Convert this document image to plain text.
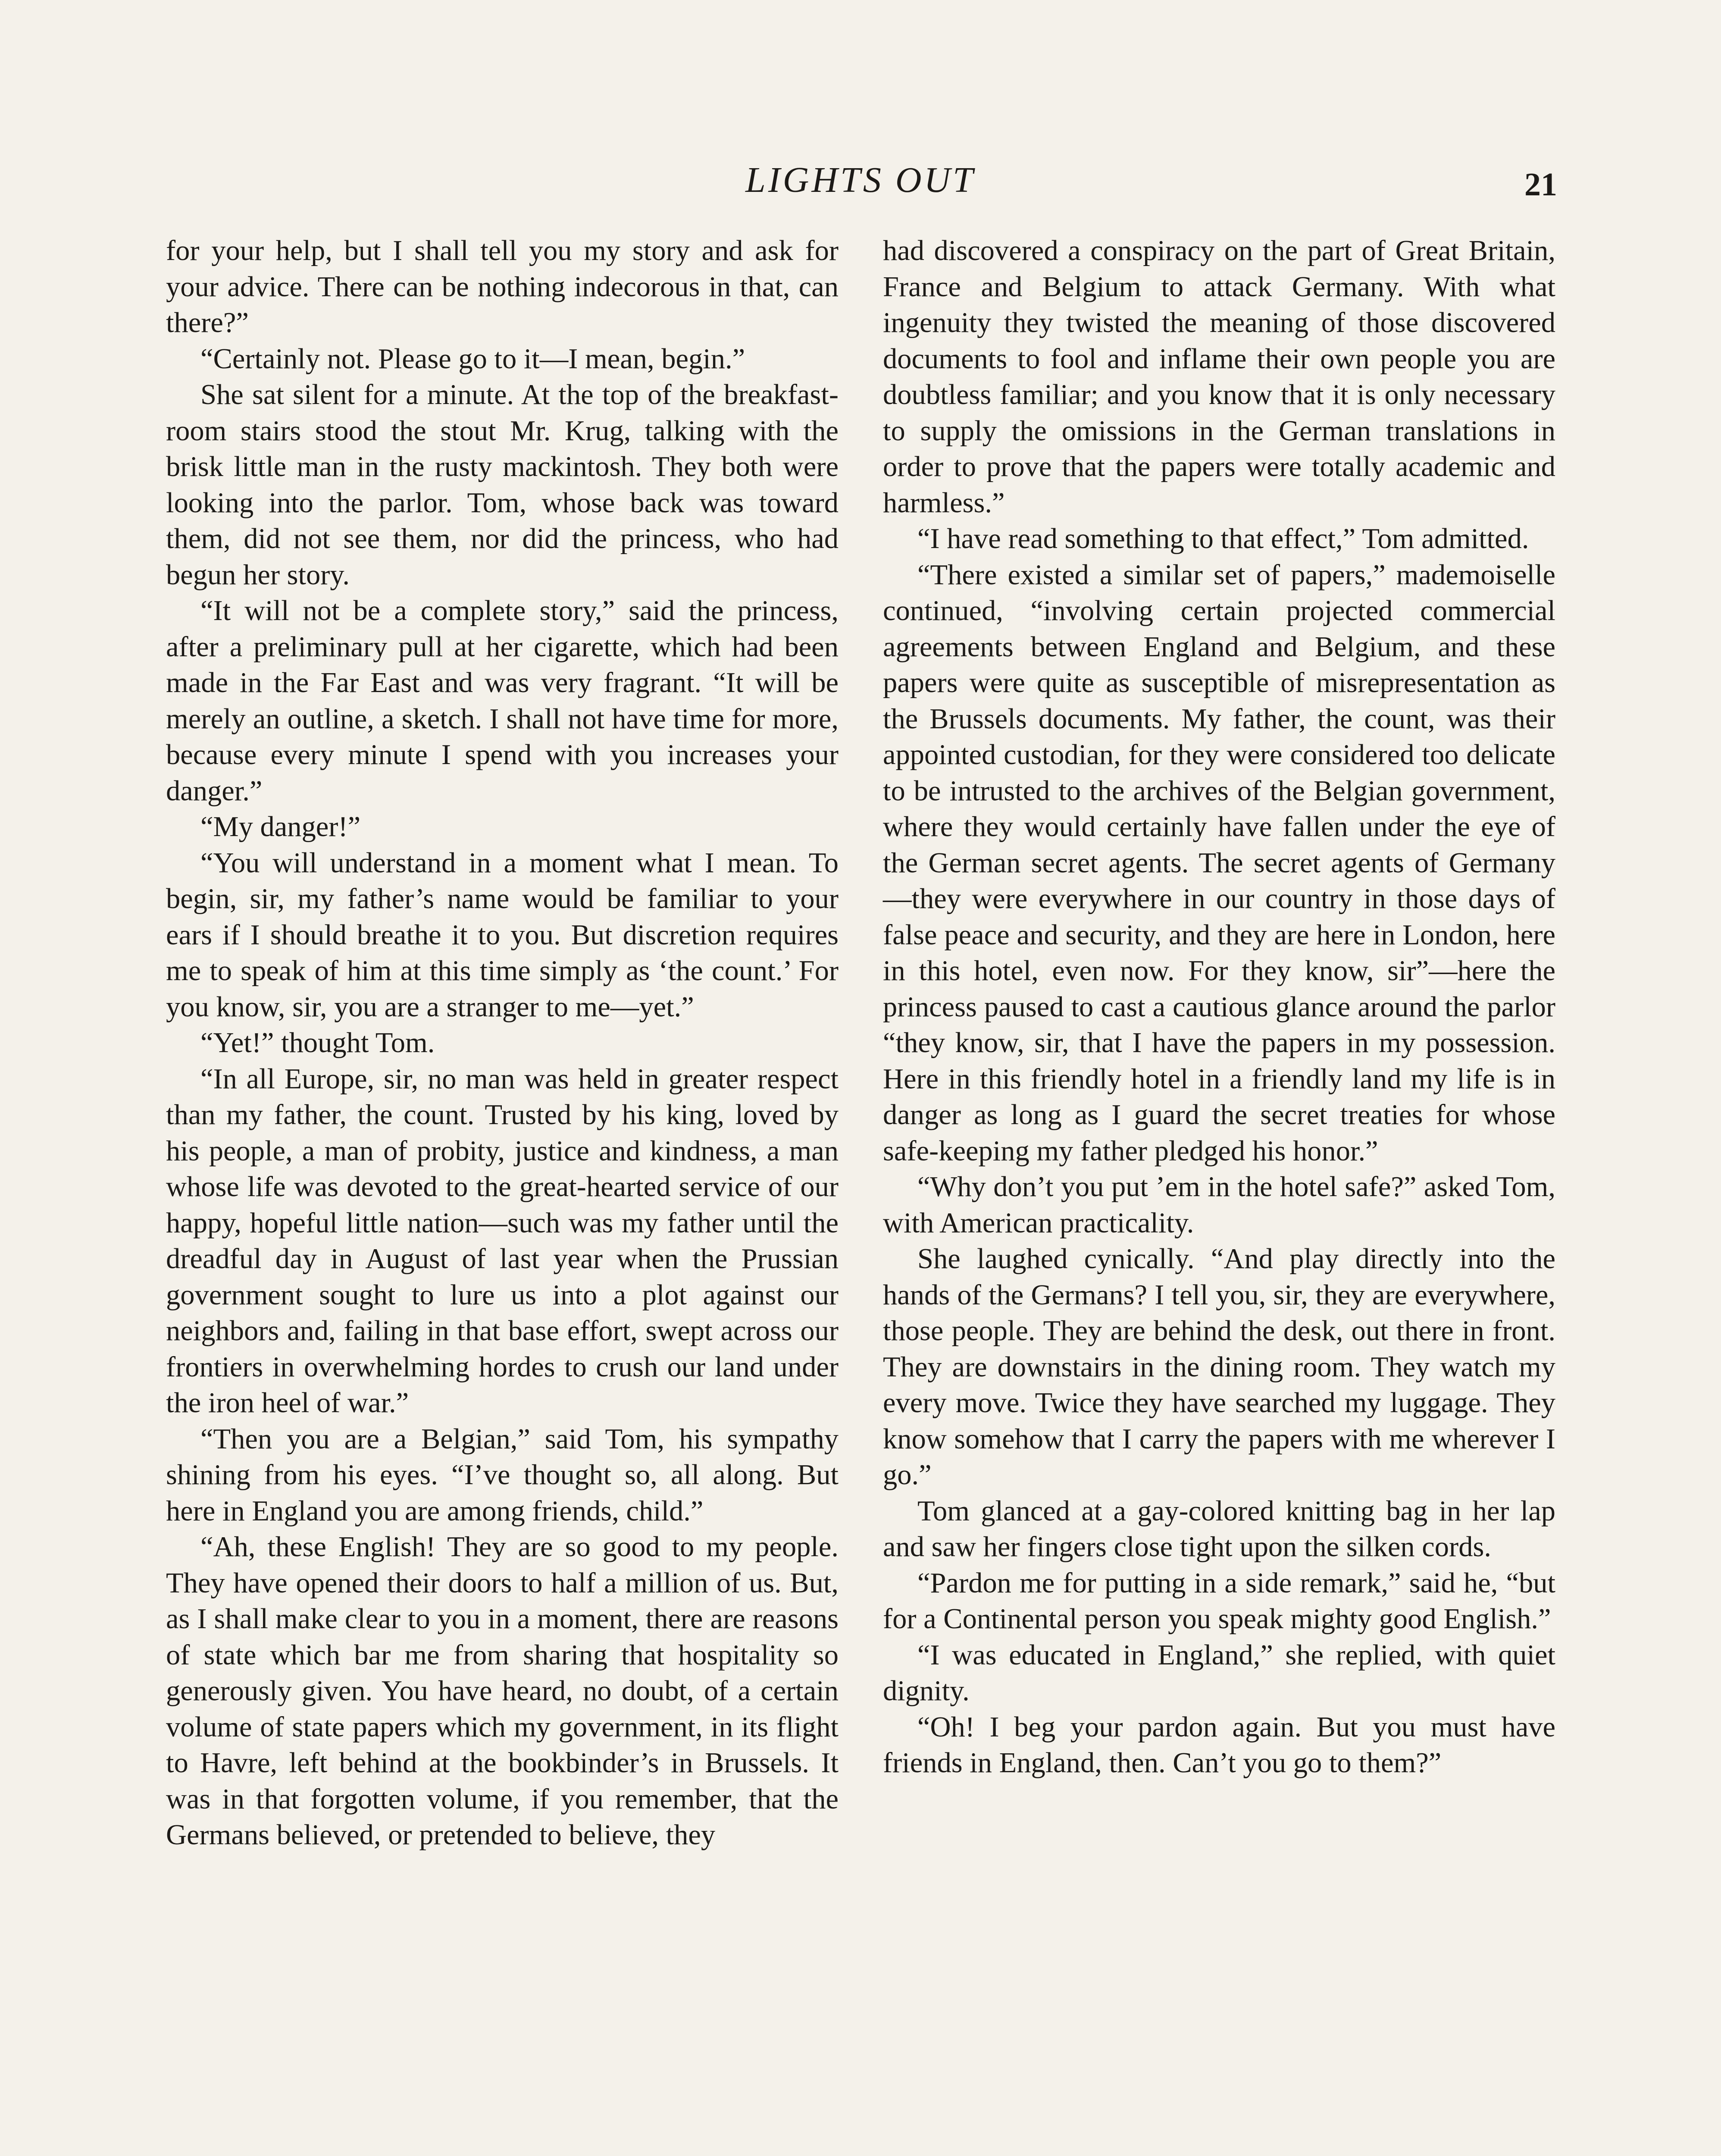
LIGHTS OUT	21

for your help, but I shall tell you my story and ask for your advice. There can be nothing indecorous in that, can there?”

“Certainly not. Please go to it—I mean, begin.”

She sat silent for a minute. At the top of the breakfast-room stairs stood the stout Mr. Krug, talking with the brisk little man in the rusty mackintosh. They both were looking into the parlor. Tom, whose back was toward them, did not see them, nor did the princess, who had begun her story.

“It will not be a complete story,” said the princess, after a preliminary pull at her cigarette, which had been made in the Far East and was very fragrant. “It will be merely an outline, a sketch. I shall not have time for more, because every minute I spend with you increases your danger.”

“My danger!”

“You will understand in a moment what I mean. To begin, sir, my father’s name would be familiar to your ears if I should breathe it to you. But discretion requires me to speak of him at this time simply as ‘the count.’ For you know, sir, you are a stranger to me—yet.”

“Yet!” thought Tom.

“In all Europe, sir, no man was held in greater respect than my father, the count. Trusted by his king, loved by his people, a man of probity, justice and kindness, a man whose life was devoted to the great-hearted service of our happy, hopeful little nation—such was my father until the dreadful day in August of last year when the Prussian government sought to lure us into a plot against our neighbors and, failing in that base effort, swept across our frontiers in overwhelming hordes to crush our land under the iron heel of war.”

“Then you are a Belgian,” said Tom, his sympathy shining from his eyes. “I’ve thought so, all along. But here in England you are among friends, child.”

“Ah, these English! They are so good to my people. They have opened their doors to half a million of us. But, as I shall make clear to you in a moment, there are reasons of state which bar me from sharing that hospitality so generously given. You have heard, no doubt, of a certain volume of state papers which my government, in its flight to Havre, left behind at the bookbinder’s in Brussels. It was in that forgotten volume, if you remember, that the Germans believed, or pretended to believe, they

had discovered a conspiracy on the part of Great Britain, France and Belgium to attack Germany. With what ingenuity they twisted the meaning of those discovered documents to fool and inflame their own people you are doubtless familiar; and you know that it is only necessary to supply the omissions in the German translations in order to prove that the papers were totally academic and harmless.”

“I have read something to that effect,” Tom admitted.

“There existed a similar set of papers,” mademoiselle continued, “involving certain projected commercial agreements between England and Belgium, and these papers were quite as susceptible of misrepresentation as the Brussels documents. My father, the count, was their appointed custodian, for they were considered too delicate to be intrusted to the archives of the Belgian government, where they would certainly have fallen under the eye of the German secret agents. The secret agents of Germany—they were everywhere in our country in those days of false peace and security, and they are here in London, here in this hotel, even now. For they know, sir”—here the princess paused to cast a cautious glance around the parlor “they know, sir, that I have the papers in my possession. Here in this friendly hotel in a friendly land my life is in danger as long as I guard the secret treaties for whose safe-keeping my father pledged his honor.”

“Why don’t you put ’em in the hotel safe?” asked Tom, with American practicality.

She laughed cynically. “And play directly into the hands of the Germans? I tell you, sir, they are everywhere, those people. They are behind the desk, out there in front. They are downstairs in the dining room. They watch my every move. Twice they have searched my luggage. They know somehow that I carry the papers with me wherever I go.”

Tom glanced at a gay-colored knitting bag in her lap and saw her fingers close tight upon the silken cords.

“Pardon me for putting in a side remark,” said he, “but for a Continental person you speak mighty good English.”

“I was educated in England,” she replied, with quiet dignity.

“Oh! I beg your pardon again. But you must have friends in England, then. Can’t you go to them?”
